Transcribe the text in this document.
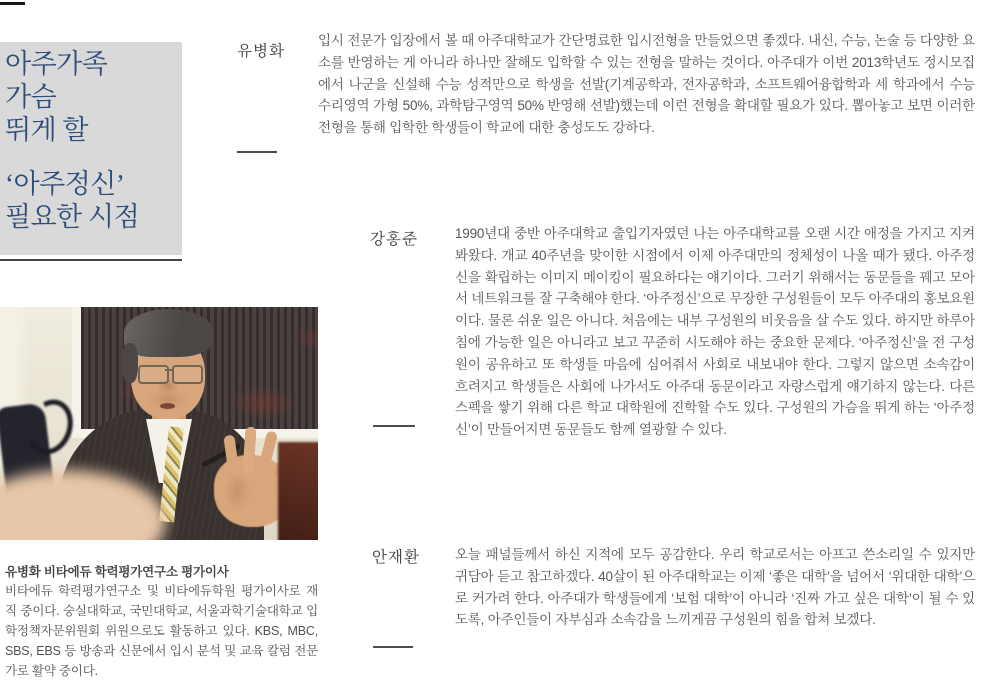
아주가족
가슴
뛰게 할
‘아주정신’
필요한 시점
유병화 비타에듀 학력평가연구소 평가이사
비타에듀 학력평가연구소 및 비타에듀학원 평가이사로 재직 중이다. 숭실대학교, 국민대학교, 서울과학기술대학교 입학정책자문위원회 위원으로도 활동하고 있다. KBS, MBC, SBS, EBS 등 방송과 신문에서 입시 분석 및 교육 칼럼 전문가로 활약 중이다.
유병화
입시 전문가 입장에서 볼 때 아주대학교가 간단명료한 입시전형을 만들었으면 좋겠다. 내신, 수능, 논술 등 다양한 요소를 반영하는 게 아니라 하나만 잘해도 입학할 수 있는 전형을 말하는 것이다. 아주대가 이번 2013학년도 정시모집에서 나군을 신설해 수능 성적만으로 학생을 선발(기계공학과, 전자공학과, 소프트웨어융합학과 세 학과에서 수능 수리영역 가형 50%, 과학탐구영역 50% 반영해 선발)했는데 이런 전형을 확대할 필요가 있다. 뽑아놓고 보면 이러한 전형을 통해 입학한 학생들이 학교에 대한 충성도도 강하다.
강홍준	1990년대 중반 아주대학교 출입기자였던 나는 아주대학교를 오랜 시간 애정을 가지고 지켜봐왔다. 개교 40주년을 맞이한 시점에서 이제 아주대만의 정체성이 나올 때가 됐다. 아주정신을 확립하는 이미지 메이킹이 필요하다는 얘기이다. 그러기 위해서는 동문들을 꿰고 모아서 네트워크를 잘 구축해야 한다. ‘아주정신’으로 무장한 구성원들이 모두 아주대의 홍보요원이다. 물론 쉬운 일은 아니다. 처음에는 내부 구성원의 비웃음을 살 수도 있다. 하지만 하루아침에 가능한 일은 아니라고 보고 꾸준히 시도해야 하는 중요한 문제다. ‘아주정신’을 전 구성원이 공유하고 또 학생들 마음에 심어줘서 사회로 내보내야 한다. 그렇지 않으면 소속감이 흐려지고 학생들은 사회에 나가서도 아주대 동문이라고 자랑스럽게 얘기하지 않는다. 다른 스펙을 쌓기 위해 다른 학교 대학원에 진학할 수도 있다. 구성원의 가슴을 뛰게 하는 ‘아주정신’이 만들어지면 동문들도 함께 열광할 수 있다.
안재환	오늘 패널들께서 하신 지적에 모두 공감한다. 우리 학교로서는 아프고 쓴소리일 수 있지만 귀담아 듣고 참고하겠다. 40살이 된 아주대학교는 이제 ‘좋은 대학’을 넘어서 ‘위대한 대학’으로 커가려 한다. 아주대가 학생들에게 ‘보험 대학’이 아니라 ‘진짜 가고 싶은 대학’이 될 수 있도록, 아주인들이 자부심과 소속감을 느끼게끔 구성원의 힘을 합쳐 보겠다.
